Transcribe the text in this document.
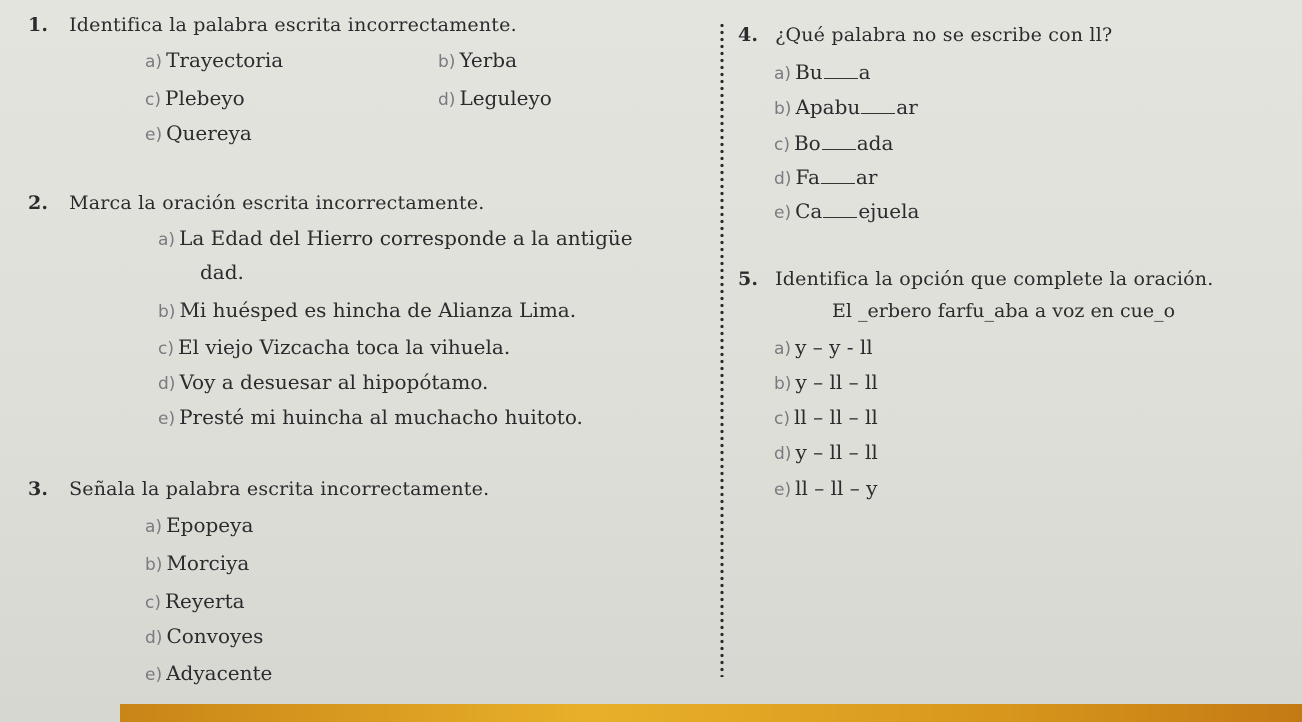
1. Identifica la palabra escrita incorrectamente.
a) Trayectoria	b) Yerba
c) Plebeyo	d) Leguleyo
e) Quereya
2. Marca la oración escrita incorrectamente.
a) La Edad del Hierro corresponde a la antigüe
dad.
b) Mi huésped es hincha de Alianza Lima.
c) El viejo Vizcacha toca la vihuela.
d) Voy a desuesar al hipopótamo.
e) Presté mi huincha al muchacho huitoto.
3. Señala la palabra escrita incorrectamente.
a) Epopeya
b) Morciya
c) Reyerta
d) Convoyes
e) Adyacente
4. ¿Qué palabra no se escribe con ll?
a) Bu a
b) Apabu ar
c) Bo ada
d) Fa ar
e) Ca ejuela
5. Identifica la opción que complete la oración.
El _erbero farfu_aba a voz en cue_o
a) y – y - ll
b) y – ll – ll
c) ll – ll – ll
d) y – ll – ll
e) ll – ll – y
